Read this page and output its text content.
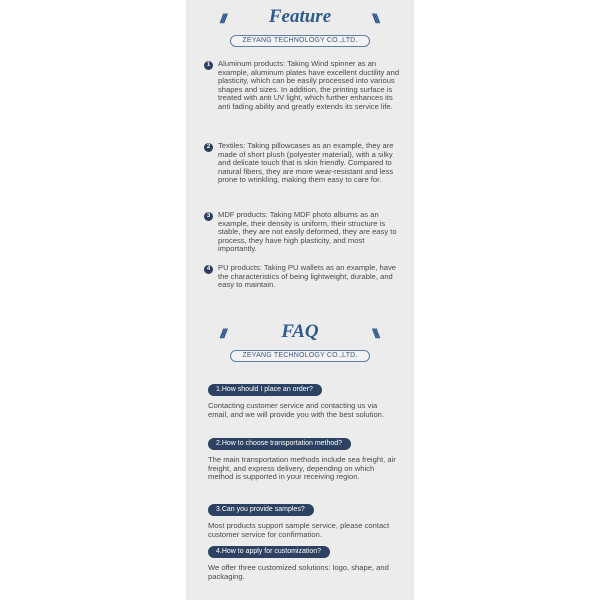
/// Feature	///
ZEYANG TECHNOLOGY CO.,LTD.
1	Aluminum products: Taking Wind spinner as an example, aluminum plates have excellent ductility and plasticity, which can be easily processed into various shapes and sizes. In addition, the printing surface is treated with anti UV light, which further enhances its anti fading ability and greatly extends its service life.
2	Textiles: Taking pillowcases as an example, they are made of short plush (polyester material), with a silky and delicate touch that is skin friendly. Compared to natural fibers, they are more wear-resistant and less prone to wrinkling, making them easy to care for.
3	MDF products: Taking MDF photo albums as an example, their density is uniform, their structure is stable, they are not easily deformed, they are easy to process, they have high plasticity, and most importantly.
4	PU products: Taking PU wallets as an example, have the characteristics of being lightweight, durable, and easy to maintain.
///	FAQ	///
ZEYANG TECHNOLOGY CO.,LTD.
1.How should I place an order?
Contacting customer service and contacting us via email, and we will provide you with the best solution.
2.How to choose transportation method?
The main transportation methods include sea freight, air freight, and express delivery, depending on which method is supported in your receiving region.
3.Can you provide samples?
Most products support sample service, please contact customer service for confirmation.
4.How to apply for customization?
We offer three customized solutions: logo, shape, and packaging.
